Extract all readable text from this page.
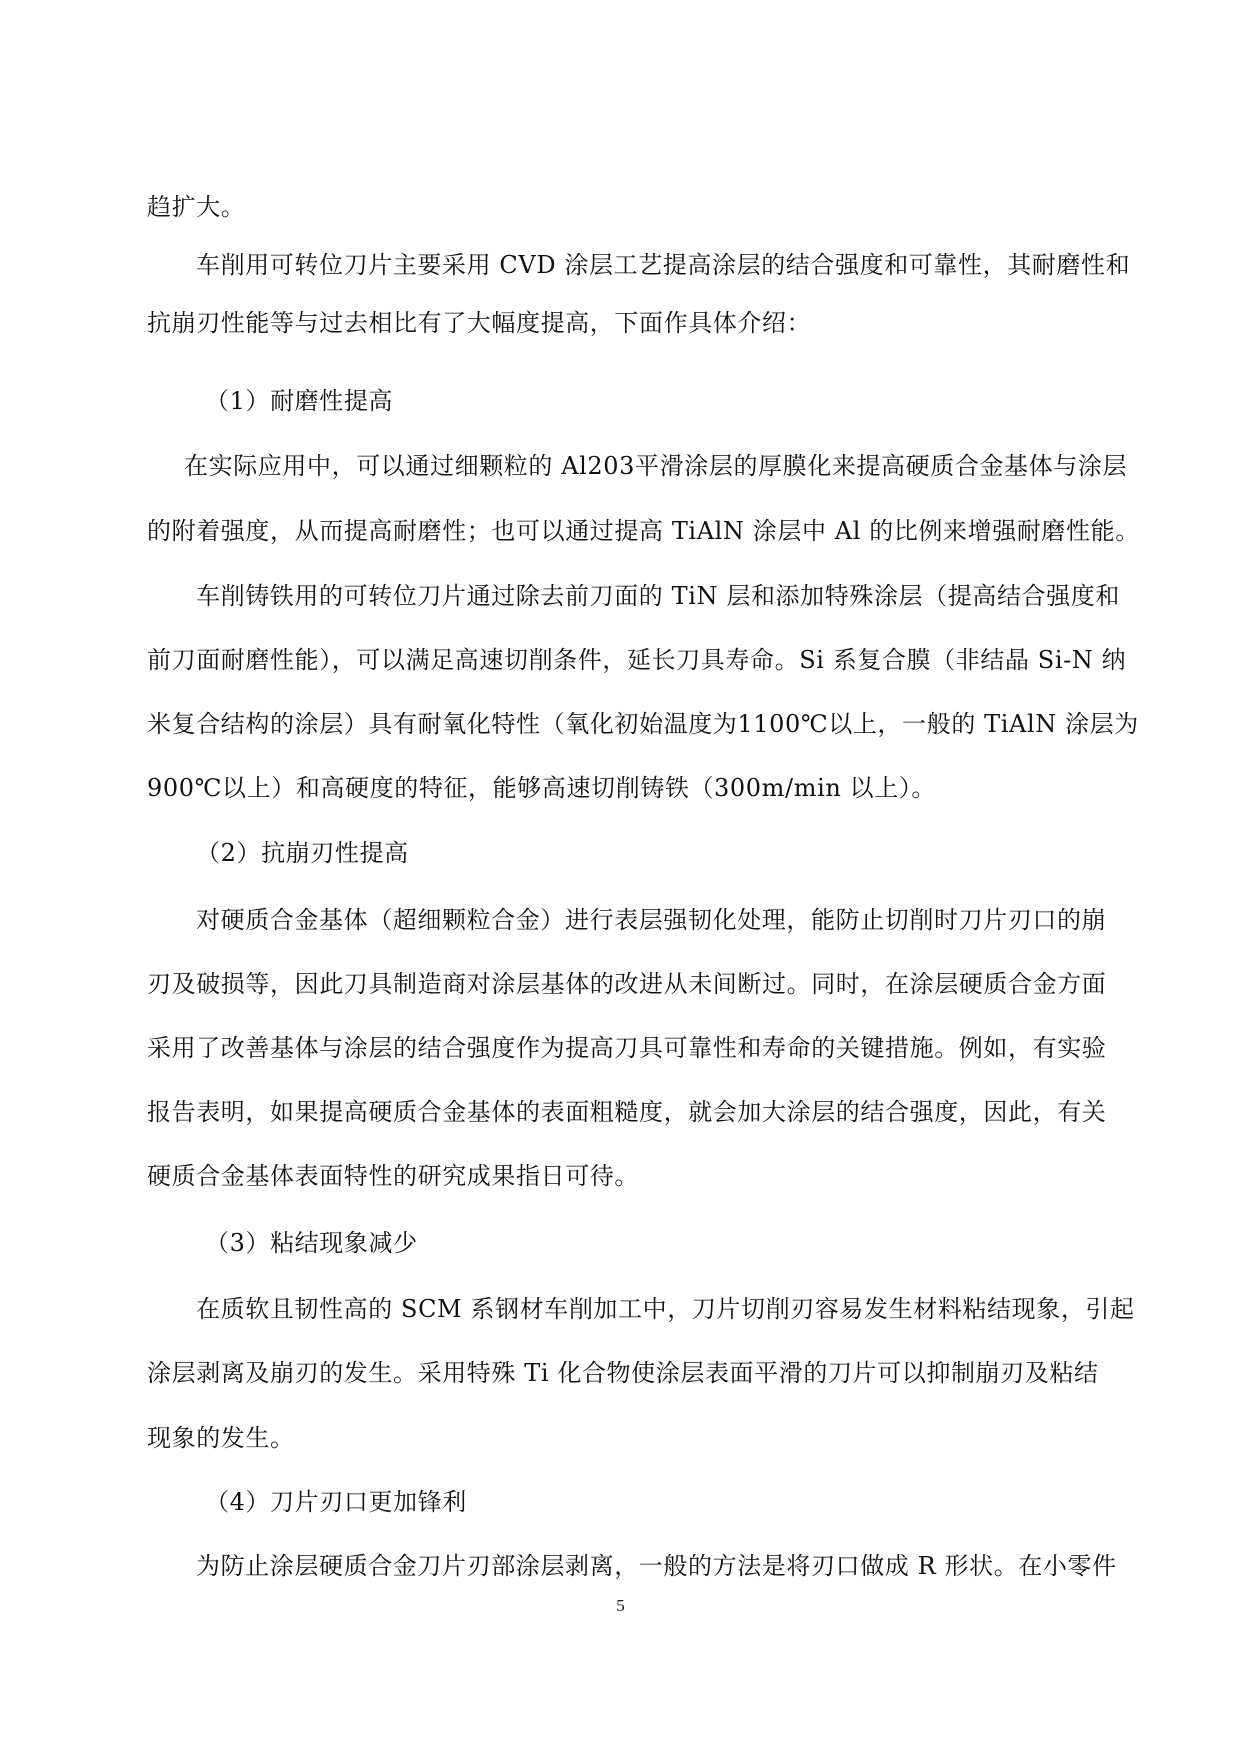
趋扩大。
车削用可转位刀片主要采用 CVD 涂层工艺提高涂层的结合强度和可靠性，其耐磨性和
抗崩刃性能等与过去相比有了大幅度提高，下面作具体介绍：
（1）耐磨性提高
在实际应用中，可以通过细颗粒的 Al203平滑涂层的厚膜化来提高硬质合金基体与涂层
的附着强度，从而提高耐磨性；也可以通过提高 TiAlN 涂层中 Al 的比例来增强耐磨性能。
车削铸铁用的可转位刀片通过除去前刀面的 TiN 层和添加特殊涂层（提高结合强度和
前刀面耐磨性能），可以满足高速切削条件，延长刀具寿命。Si 系复合膜（非结晶 Si-N 纳
米复合结构的涂层）具有耐氧化特性（氧化初始温度为1100℃以上，一般的 TiAlN 涂层为
900℃以上）和高硬度的特征，能够高速切削铸铁（300m/min 以上）。
（2）抗崩刃性提高
对硬质合金基体（超细颗粒合金）进行表层强韧化处理，能防止切削时刀片刃口的崩
刃及破损等，因此刀具制造商对涂层基体的改进从未间断过。同时，在涂层硬质合金方面
采用了改善基体与涂层的结合强度作为提高刀具可靠性和寿命的关键措施。例如，有实验
报告表明，如果提高硬质合金基体的表面粗糙度，就会加大涂层的结合强度，因此，有关
硬质合金基体表面特性的研究成果指日可待。
（3）粘结现象减少
在质软且韧性高的 SCM 系钢材车削加工中，刀片切削刃容易发生材料粘结现象，引起
涂层剥离及崩刃的发生。采用特殊 Ti 化合物使涂层表面平滑的刀片可以抑制崩刃及粘结
现象的发生。
（4）刀片刃口更加锋利
为防止涂层硬质合金刀片刃部涂层剥离，一般的方法是将刃口做成 R 形状。在小零件
5
